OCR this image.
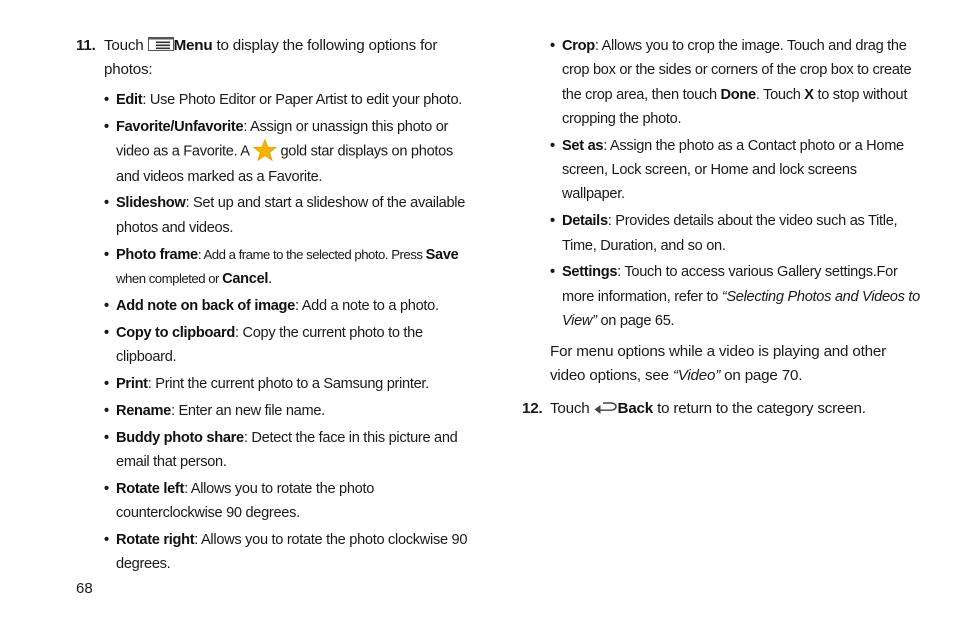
11. Touch Menu to display the following options for photos:

• Edit: Use Photo Editor or Paper Artist to edit your photo.
• Favorite/Unfavorite: Assign or unassign this photo or video as a Favorite. A  gold star displays on photos and videos marked as a Favorite.
• Slideshow: Set up and start a slideshow of the available photos and videos.
• Photo frame: Add a frame to the selected photo. Press Save when completed or Cancel.
• Add note on back of image: Add a note to a photo.
• Copy to clipboard: Copy the current photo to the clipboard.
• Print: Print the current photo to a Samsung printer.
• Rename: Enter an new file name.
• Buddy photo share: Detect the face in this picture and email that person.
• Rotate left: Allows you to rotate the photo counterclockwise 90 degrees.
• Rotate right: Allows you to rotate the photo clockwise 90 degrees.
• Crop: Allows you to crop the image. Touch and drag the crop box or the sides or corners of the crop box to create the crop area, then touch Done. Touch X to stop without cropping the photo.
• Set as: Assign the photo as a Contact photo or a Home screen, Lock screen, or Home and lock screens wallpaper.
• Details: Provides details about the video such as Title, Time, Duration, and so on.
• Settings: Touch to access various Gallery settings.For more information, refer to “Selecting Photos and Videos to View” on page 65.

For menu options while a video is playing and other video options, see “Video” on page 70.

12. Touch Back to return to the category screen.

68
